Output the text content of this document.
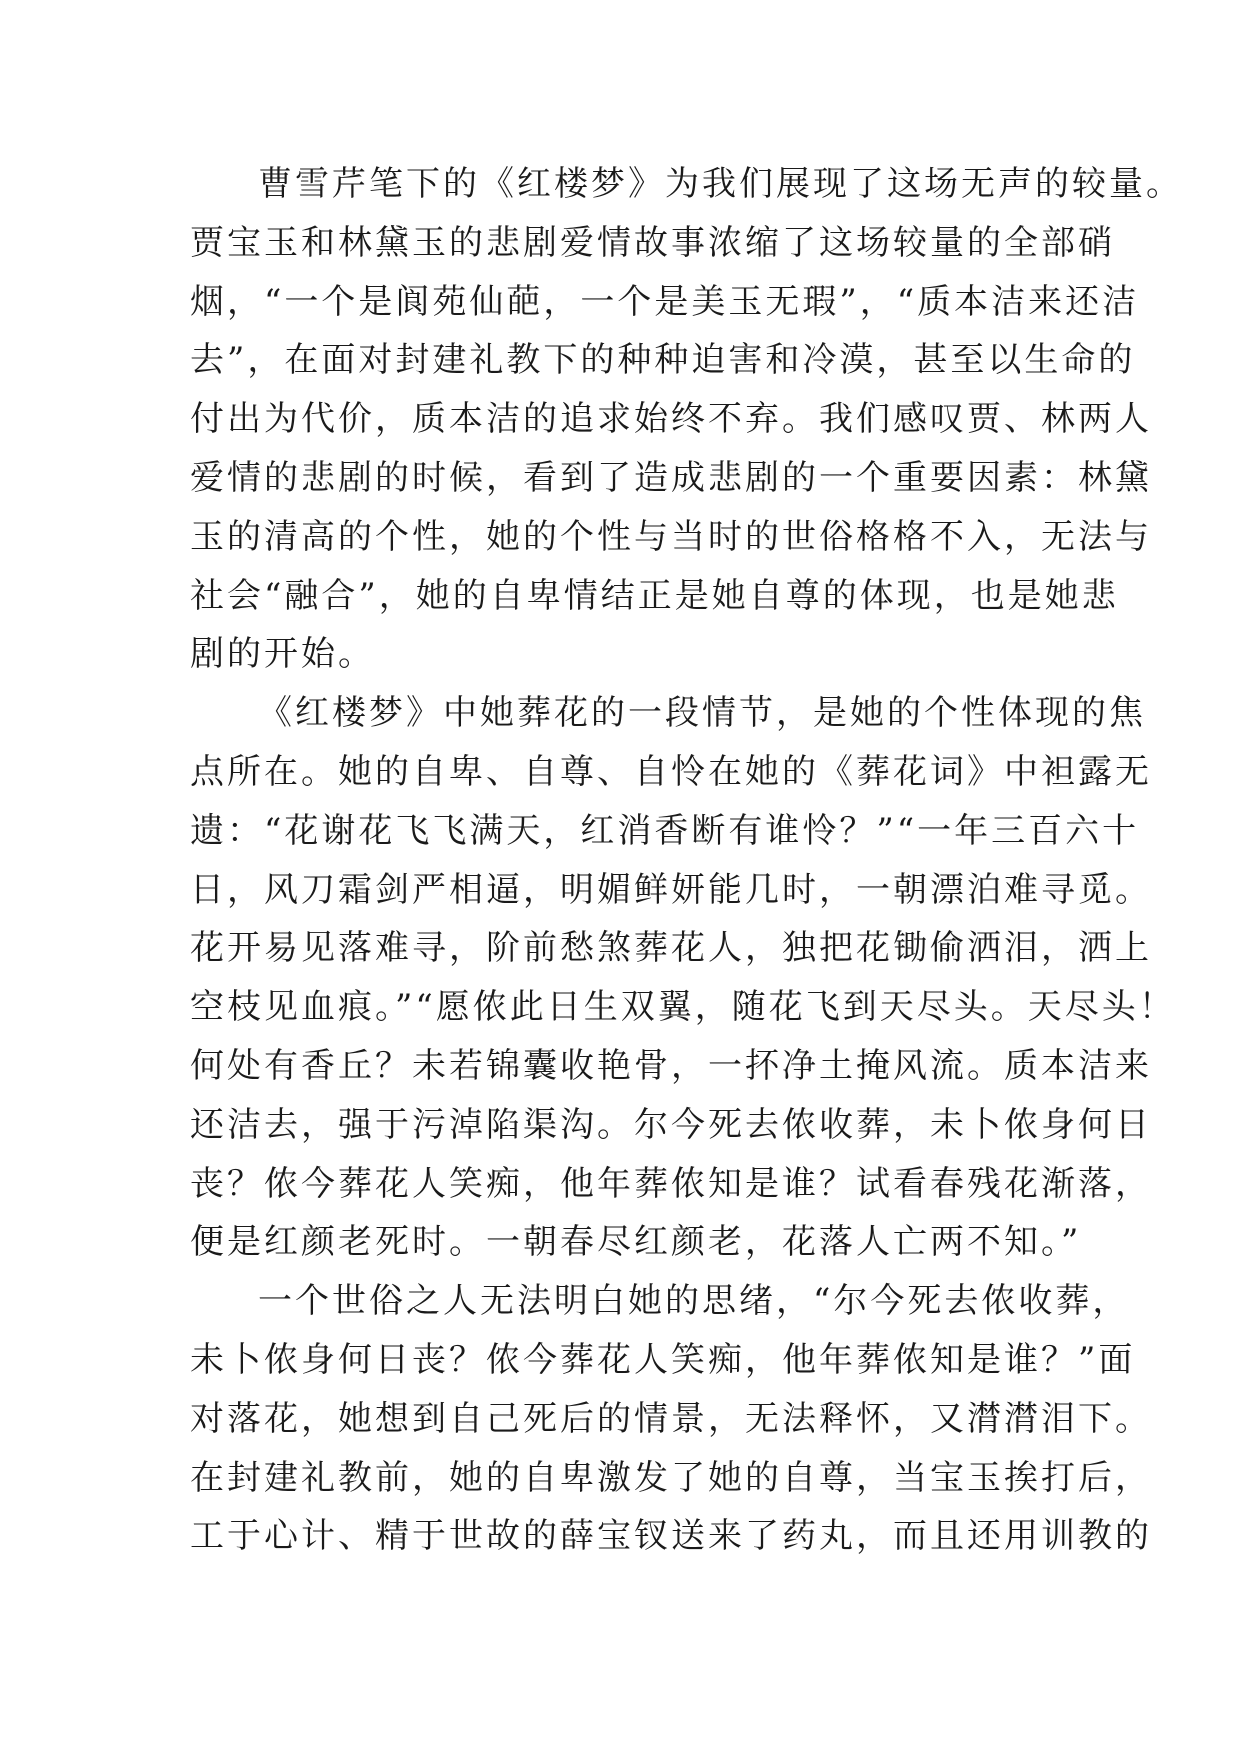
曹雪芹笔下的《红楼梦》为我们展现了这场无声的较量。
贾宝玉和林黛玉的悲剧爱情故事浓缩了这场较量的全部硝
烟，“一个是阆苑仙葩，一个是美玉无瑕”，“质本洁来还洁
去”，在面对封建礼教下的种种迫害和冷漠，甚至以生命的
付出为代价，质本洁的追求始终不弃。我们感叹贾、林两人
爱情的悲剧的时候，看到了造成悲剧的一个重要因素：林黛
玉的清高的个性，她的个性与当时的世俗格格不入，无法与
社会“融合”，她的自卑情结正是她自尊的体现，也是她悲
剧的开始。
《红楼梦》中她葬花的一段情节，是她的个性体现的焦
点所在。她的自卑、自尊、自怜在她的《葬花词》中袒露无
遗：“花谢花飞飞满天，红消香断有谁怜？”“一年三百六十
日，风刀霜剑严相逼，明媚鲜妍能几时，一朝漂泊难寻觅。
花开易见落难寻，阶前愁煞葬花人，独把花锄偷洒泪，洒上
空枝见血痕。”“愿侬此日生双翼，随花飞到天尽头。天尽头！
何处有香丘？未若锦囊收艳骨，一抔净土掩风流。质本洁来
还洁去，强于污淖陷渠沟。尔今死去侬收葬，未卜侬身何日
丧？侬今葬花人笑痴，他年葬侬知是谁？试看春残花渐落，
便是红颜老死时。一朝春尽红颜老，花落人亡两不知。”
一个世俗之人无法明白她的思绪，“尔今死去侬收葬，
未卜侬身何日丧？侬今葬花人笑痴，他年葬侬知是谁？”面
对落花，她想到自己死后的情景，无法释怀，又潸潸泪下。
在封建礼教前，她的自卑激发了她的自尊，当宝玉挨打后，
工于心计、精于世故的薛宝钗送来了药丸，而且还用训教的
